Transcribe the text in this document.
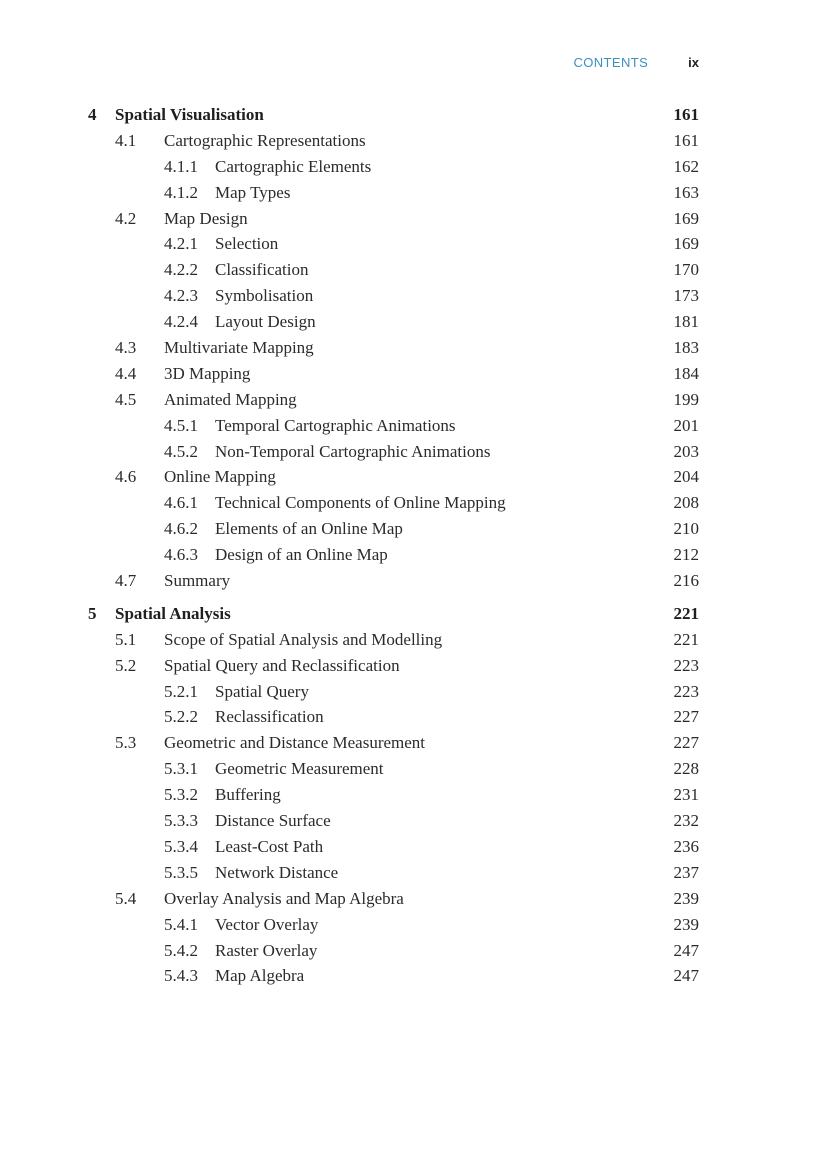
CONTENTS	ix
4 Spatial Visualisation	161
4.1 Cartographic Representations	161
4.1.1 Cartographic Elements	162
4.1.2 Map Types	163
4.2 Map Design	169
4.2.1 Selection	169
4.2.2 Classification	170
4.2.3 Symbolisation	173
4.2.4 Layout Design	181
4.3 Multivariate Mapping	183
4.4 3D Mapping	184
4.5 Animated Mapping	199
4.5.1 Temporal Cartographic Animations	201
4.5.2 Non-Temporal Cartographic Animations	203
4.6 Online Mapping	204
4.6.1 Technical Components of Online Mapping	208
4.6.2 Elements of an Online Map	210
4.6.3 Design of an Online Map	212
4.7 Summary	216
5 Spatial Analysis	221
5.1 Scope of Spatial Analysis and Modelling	221
5.2 Spatial Query and Reclassification	223
5.2.1 Spatial Query	223
5.2.2 Reclassification	227
5.3 Geometric and Distance Measurement	227
5.3.1 Geometric Measurement	228
5.3.2 Buffering	231
5.3.3 Distance Surface	232
5.3.4 Least-Cost Path	236
5.3.5 Network Distance	237
5.4 Overlay Analysis and Map Algebra	239
5.4.1 Vector Overlay	239
5.4.2 Raster Overlay	247
5.4.3 Map Algebra	247
